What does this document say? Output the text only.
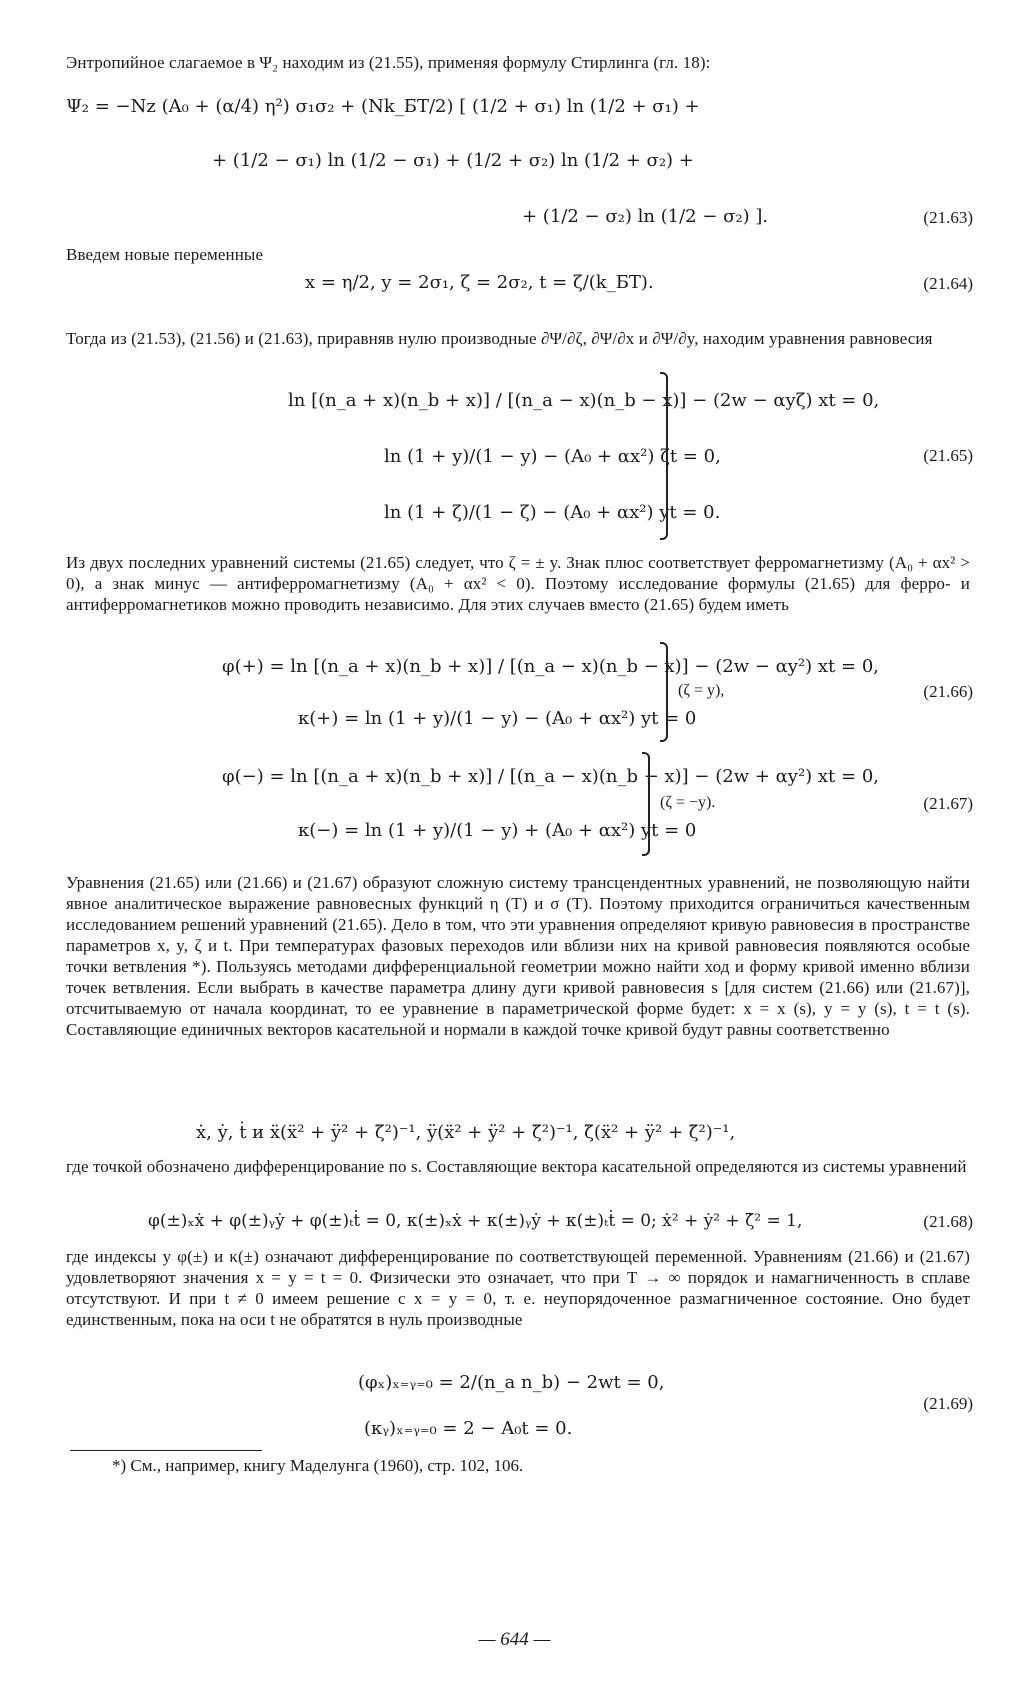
Энтропийное слагаемое в Ψ₂ находим из (21.55), применяя формулу Стирлинга (гл. 18):
Ψ₂ = −Nz (A₀ + (α/4) η²) σ₁σ₂ + (Nk_БT/2) [ (1/2 + σ₁) ln (1/2 + σ₁) +
+ (1/2 − σ₁) ln (1/2 − σ₁) + (1/2 + σ₂) ln (1/2 + σ₂) +
+ (1/2 − σ₂) ln (1/2 − σ₂) ].	(21.63)
Введем новые переменные
x = η/2, y = 2σ₁, ζ = 2σ₂, t = ζ/(k_БT).	(21.64)
Тогда из (21.53), (21.56) и (21.63), приравняв нулю производные ∂Ψ/∂ζ, ∂Ψ/∂x и ∂Ψ/∂y, находим уравнения равновесия
ln [(n_a + x)(n_b + x)] / [(n_a − x)(n_b − x)] − (2w − αyζ) xt = 0,
ln (1 + y)/(1 − y) − (A₀ + αx²) ζt = 0,
ln (1 + ζ)/(1 − ζ) − (A₀ + αx²) yt = 0.
(21.65)
Из двух последних уравнений системы (21.65) следует, что ζ = ± y. Знак плюс соответствует ферромагнетизму (A₀ + αx² > 0), а знак минус — антиферромагнетизму (A₀ + αx² < 0). Поэтому исследование формулы (21.65) для ферро- и антиферромагнетиков можно проводить независимо. Для этих случаев вместо (21.65) будем иметь
φ(+) = ln [(n_a + x)(n_b + x)] / [(n_a − x)(n_b − x)] − (2w − αy²) xt = 0,
κ(+) = ln (1 + y)/(1 − y) − (A₀ + αx²) yt = 0
(ζ = y),	(21.66)
φ(−) = ln [(n_a + x)(n_b + x)] / [(n_a − x)(n_b − x)] − (2w + αy²) xt = 0,
κ(−) = ln (1 + y)/(1 − y) + (A₀ + αx²) yt = 0
(ζ = −y).	(21.67)
Уравнения (21.65) или (21.66) и (21.67) образуют сложную систему трансцендентных уравнений, не позволяющую найти явное аналитическое выражение равновесных функций η (T) и σ (T). Поэтому приходится ограничиться качественным исследованием решений уравнений (21.65). Дело в том, что эти уравнения определяют кривую равновесия в пространстве параметров x, y, ζ и t. При температурах фазовых переходов или вблизи них на кривой равновесия появляются особые точки ветвления *). Пользуясь методами дифференциальной геометрии можно найти ход и форму кривой именно вблизи точек ветвления. Если выбрать в качестве параметра длину дуги кривой равновесия s [для систем (21.66) или (21.67)], отсчитываемую от начала координат, то ее уравнение в параметрической форме будет: x = x (s), y = y (s), t = t (s). Составляющие единичных векторов касательной и нормали в каждой точке кривой будут равны соответственно
ẋ, ẏ, ṫ и ẍ(ẍ² + ÿ² + ζ̈²)⁻¹, ÿ(ẍ² + ÿ² + ζ̈²)⁻¹, ζ̈(ẍ² + ÿ² + ζ̈²)⁻¹,
где точкой обозначено дифференцирование по s. Составляющие вектора касательной определяются из системы уравнений
φ(±)ₓẋ + φ(±)ᵧẏ + φ(±)ₜṫ = 0, κ(±)ₓẋ + κ(±)ᵧẏ + κ(±)ₜṫ = 0; ẋ² + ẏ² + ζ̇² = 1,	(21.68)
где индексы у φ(±) и κ(±) означают дифференцирование по соответствующей переменной. Уравнениям (21.66) и (21.67) удовлетворяют значения x = y = t = 0. Физически это означает, что при T → ∞ порядок и намагниченность в сплаве отсутствуют. И при t ≠ 0 имеем решение с x = y = 0, т. е. неупорядоченное размагниченное состояние. Оно будет единственным, пока на оси t не обратятся в нуль производные
(φₓ)ₓ₌ᵧ₌₀ = 2/(n_a n_b) − 2wt = 0,
(κᵧ)ₓ₌ᵧ₌₀ = 2 − A₀t = 0.
(21.69)
*) См., например, книгу Маделунга (1960), стр. 102, 106.
— 644 —
